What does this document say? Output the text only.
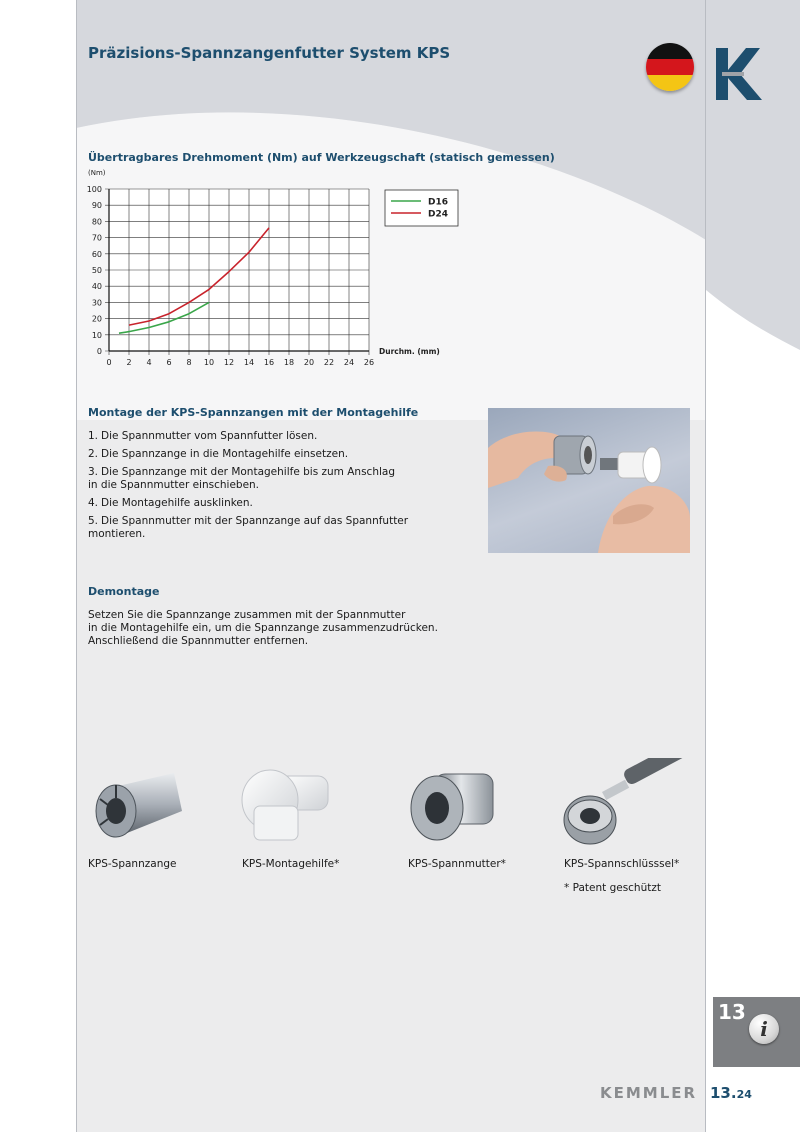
Präzisions-Spannzangenfutter System KPS
Übertragbares Drehmoment (Nm) auf Werkzeugschaft (statisch gemessen)
0 2 4 6 8 10 12 14 16 18 20 22 24 26
0
10
20
30
40
50
60
70
80
90
100
(Nm)
Durchm. (mm)
D16
D24
Montage der KPS-Spannzangen mit der Montagehilfe
1. Die Spannmutter vom Spannfutter lösen.
2. Die Spannzange in die Montagehilfe einsetzen.
3. Die Spannzange mit der Montagehilfe bis zum Anschlag
in die Spannmutter einschieben.
4. Die Montagehilfe ausklinken.
5. Die Spannmutter mit der Spannzange auf das Spannfutter
montieren.
Demontage
Setzen Sie die Spannzange zusammen mit der Spannmutter
in die Montagehilfe ein, um die Spannzange zusammenzudrücken.
Anschließend die Spannmutter entfernen.
KPS-Spannzange	KPS-Montagehilfe*	KPS-Spannmutter*	KPS-Spannschlüsssel*
* Patent geschützt
13
i
KEMMLER 13.24
